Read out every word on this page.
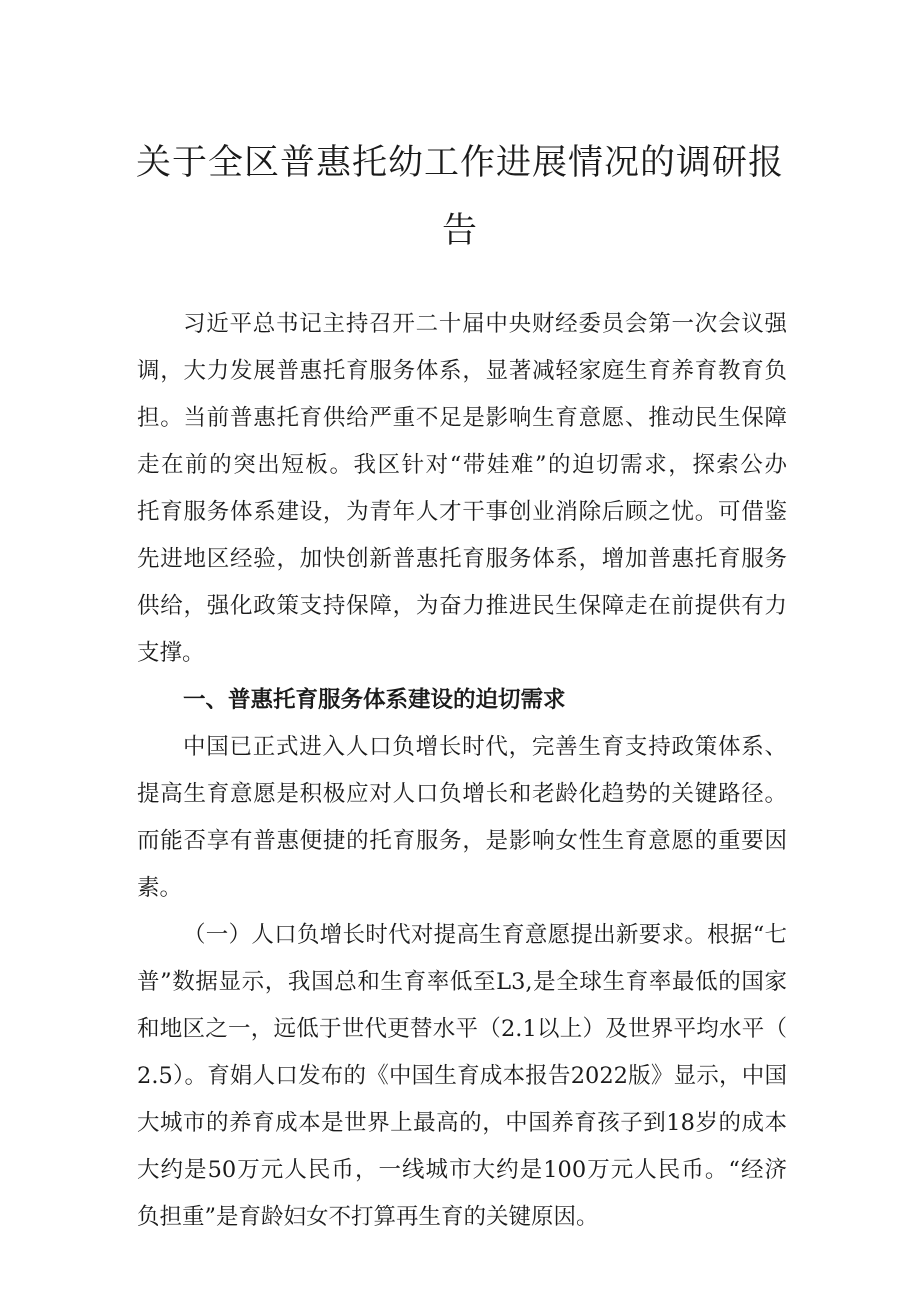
关于全区普惠托幼工作进展情况的调研报
告
习近平总书记主持召开二十届中央财经委员会第一次会议强
调，大力发展普惠托育服务体系，显著减轻家庭生育养育教育负
担。当前普惠托育供给严重不足是影响生育意愿、推动民生保障
走在前的突出短板。我区针对“带娃难”的迫切需求，探索公办
托育服务体系建设，为青年人才干事创业消除后顾之忧。可借鉴
先进地区经验，加快创新普惠托育服务体系，增加普惠托育服务
供给，强化政策支持保障，为奋力推进民生保障走在前提供有力
支撑。
一、普惠托育服务体系建设的迫切需求
中国已正式进入人口负增长时代，完善生育支持政策体系、
提高生育意愿是积极应对人口负增长和老龄化趋势的关键路径。
而能否享有普惠便捷的托育服务，是影响女性生育意愿的重要因
素。
（一）人口负增长时代对提高生育意愿提出新要求。根据“七
普”数据显示，我国总和生育率低至L3,是全球生育率最低的国家
和地区之一，远低于世代更替水平（2.1以上）及世界平均水平（
2.5）。育娟人口发布的《中国生育成本报告2022版》显示，中国
大城市的养育成本是世界上最高的，中国养育孩子到18岁的成本
大约是50万元人民币，一线城市大约是100万元人民币。“经济
负担重”是育龄妇女不打算再生育的关键原因。
